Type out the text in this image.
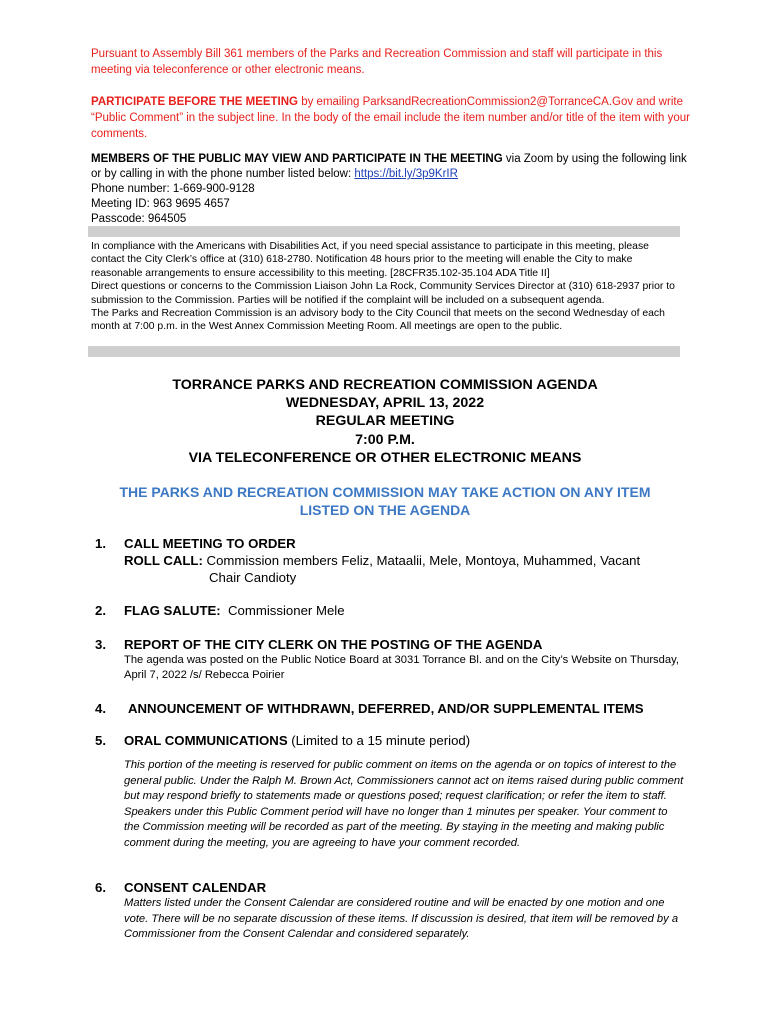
Pursuant to Assembly Bill 361 members of the Parks and Recreation Commission and staff will participate in this meeting via teleconference or other electronic means.
PARTICIPATE BEFORE THE MEETING by emailing ParksandRecreationCommission2@TorranceCA.Gov and write “Public Comment” in the subject line. In the body of the email include the item number and/or title of the item with your comments.
MEMBERS OF THE PUBLIC MAY VIEW AND PARTICIPATE IN THE MEETING via Zoom by using the following link or by calling in with the phone number listed below: https://bit.ly/3p9KrIR
Phone number: 1-669-900-9128
Meeting ID: 963 9695 4657
Passcode: 964505

In compliance with the Americans with Disabilities Act, if you need special assistance to participate in this meeting, please contact the City Clerk’s office at (310) 618-2780. Notification 48 hours prior to the meeting will enable the City to make reasonable arrangements to ensure accessibility to this meeting. [28CFR35.102-35.104 ADA Title II]

Direct questions or concerns to the Commission Liaison John La Rock, Community Services Director at (310) 618-2937 prior to submission to the Commission. Parties will be notified if the complaint will be included on a subsequent agenda.

The Parks and Recreation Commission is an advisory body to the City Council that meets on the second Wednesday of each month at 7:00 p.m. in the West Annex Commission Meeting Room. All meetings are open to the public.

TORRANCE PARKS AND RECREATION COMMISSION AGENDA
WEDNESDAY, APRIL 13, 2022
REGULAR MEETING
7:00 P.M.
VIA TELECONFERENCE OR OTHER ELECTRONIC MEANS
THE PARKS AND RECREATION COMMISSION MAY TAKE ACTION ON ANY ITEM
LISTED ON THE AGENDA
1. CALL MEETING TO ORDER
ROLL CALL: Commission members Feliz, Mataalii, Mele, Montoya, Muhammed, Vacant
Chair Candioty
2. FLAG SALUTE:  Commissioner Mele
3. REPORT OF THE CITY CLERK ON THE POSTING OF THE AGENDA
The agenda was posted on the Public Notice Board at 3031 Torrance Bl. and on the City’s Website on Thursday, April 7, 2022 /s/ Rebecca Poirier
4. ANNOUNCEMENT OF WITHDRAWN, DEFERRED, AND/OR SUPPLEMENTAL ITEMS
5. ORAL COMMUNICATIONS (Limited to a 15 minute period)
This portion of the meeting is reserved for public comment on items on the agenda or on topics of interest to the general public. Under the Ralph M. Brown Act, Commissioners cannot act on items raised during public comment but may respond briefly to statements made or questions posed; request clarification; or refer the item to staff. Speakers under this Public Comment period will have no longer than 1 minutes per speaker. Your comment to the Commission meeting will be recorded as part of the meeting. By staying in the meeting and making public comment during the meeting, you are agreeing to have your comment recorded.
6. CONSENT CALENDAR
Matters listed under the Consent Calendar are considered routine and will be enacted by one motion and one vote. There will be no separate discussion of these items. If discussion is desired, that item will be removed by a Commissioner from the Consent Calendar and considered separately.
